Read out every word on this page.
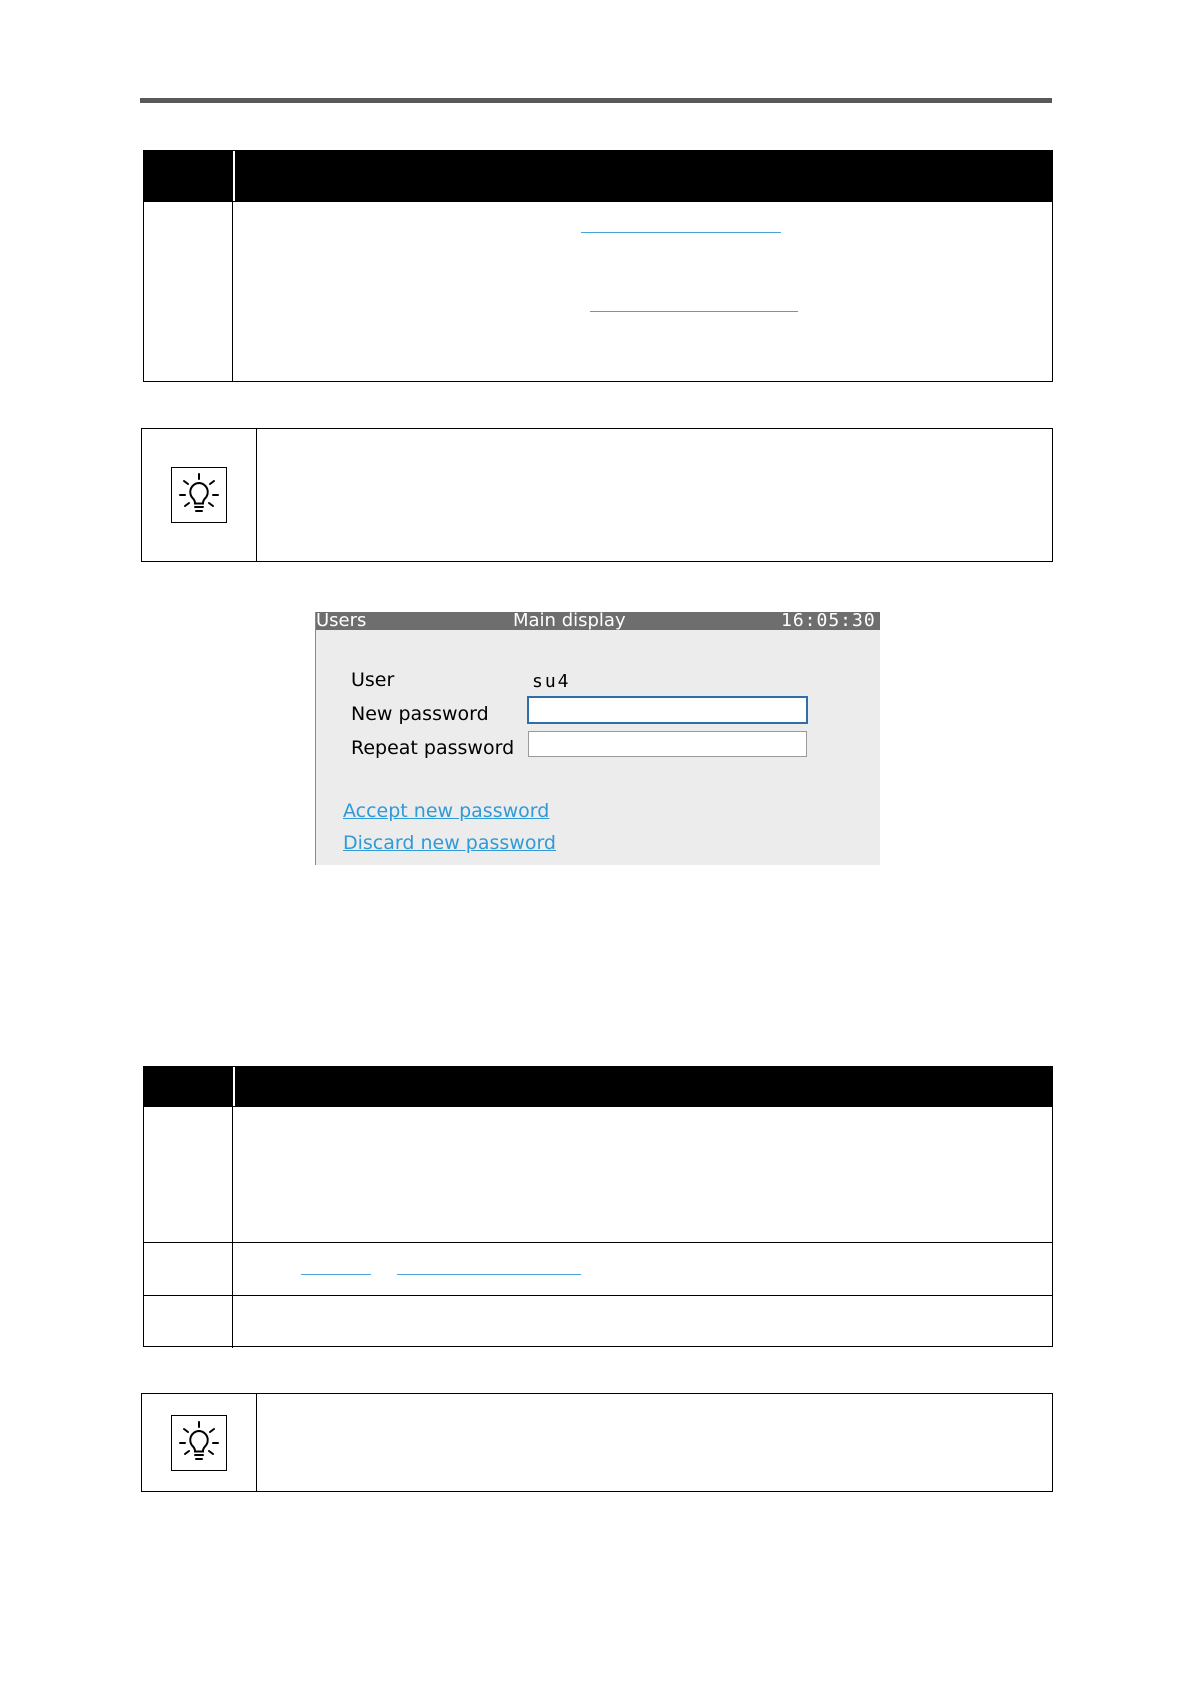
Users	Main display	16:05:30
User	su4
New password
Repeat password
Accept new password
Discard new password
